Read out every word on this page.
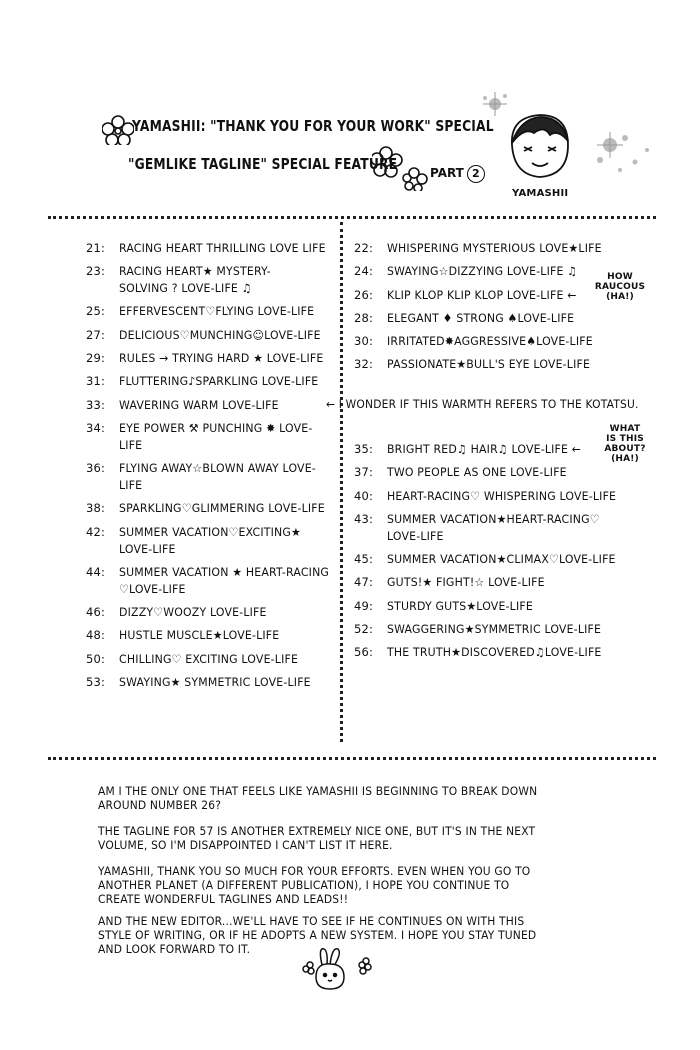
YAMASHII: "THANK YOU FOR YOUR WORK" SPECIAL
"GEMLIKE TAGLINE" SPECIAL FEATURE	PART 2
YAMASHII
21: RACING HEART THRILLING LOVE LIFE
23: RACING HEART★ MYSTERY-
SOLVING ? LOVE-LIFE ♫
25: EFFERVESCENT♡FLYING LOVE-LIFE
27: DELICIOUS♡MUNCHING☺LOVE-LIFE
29: RULES → TRYING HARD ★ LOVE-LIFE
31: FLUTTERING♪SPARKLING LOVE-LIFE
33: WAVERING WARM LOVE-LIFE
34: EYE POWER ⚒ PUNCHING ✸ LOVE-
LIFE
36: FLYING AWAY☆BLOWN AWAY LOVE-
LIFE
38: SPARKLING♡GLIMMERING LOVE-LIFE
42: SUMMER VACATION♡EXCITING★
LOVE-LIFE
44: SUMMER VACATION ★ HEART-RACING
♡LOVE-LIFE
46: DIZZY♡WOOZY LOVE-LIFE
48: HUSTLE MUSCLE★LOVE-LIFE
50: CHILLING♡ EXCITING LOVE-LIFE
53: SWAYING★ SYMMETRIC LOVE-LIFE
22: WHISPERING MYSTERIOUS LOVE★LIFE
24: SWAYING☆DIZZYING LOVE-LIFE ♫
26: KLIP KLOP KLIP KLOP LOVE-LIFE ←
28: ELEGANT ♦ STRONG ♠LOVE-LIFE
30: IRRITATED✸AGGRESSIVE♠LOVE-LIFE
32: PASSIONATE★BULL'S EYE LOVE-LIFE
35: BRIGHT RED♫ HAIR♫ LOVE-LIFE ←
37: TWO PEOPLE AS ONE LOVE-LIFE
40: HEART-RACING♡ WHISPERING LOVE-LIFE
43: SUMMER VACATION★HEART-RACING♡
LOVE-LIFE
45: SUMMER VACATION★CLIMAX♡LOVE-LIFE
47: GUTS!★ FIGHT!☆ LOVE-LIFE
49: STURDY GUTS★LOVE-LIFE
52: SWAGGERING★SYMMETRIC LOVE-LIFE
56: THE TRUTH★DISCOVERED♫LOVE-LIFE
HOW
RAUCOUS
(HA!)
WHAT
IS THIS
ABOUT?
(HA!)
← I WONDER IF THIS WARMTH REFERS TO THE KOTATSU.
AM I THE ONLY ONE THAT FEELS LIKE YAMASHII IS BEGINNING TO BREAK DOWN AROUND NUMBER 26?
THE TAGLINE FOR 57 IS ANOTHER EXTREMELY NICE ONE, BUT IT'S IN THE NEXT VOLUME, SO I'M DISAPPOINTED I CAN'T LIST IT HERE.
YAMASHII, THANK YOU SO MUCH FOR YOUR EFFORTS. EVEN WHEN YOU GO TO ANOTHER PLANET (A DIFFERENT PUBLICATION), I HOPE YOU CONTINUE TO CREATE WONDERFUL TAGLINES AND LEADS!!
AND THE NEW EDITOR...WE'LL HAVE TO SEE IF HE CONTINUES ON WITH THIS STYLE OF WRITING, OR IF HE ADOPTS A NEW SYSTEM. I HOPE YOU STAY TUNED AND LOOK FORWARD TO IT.
